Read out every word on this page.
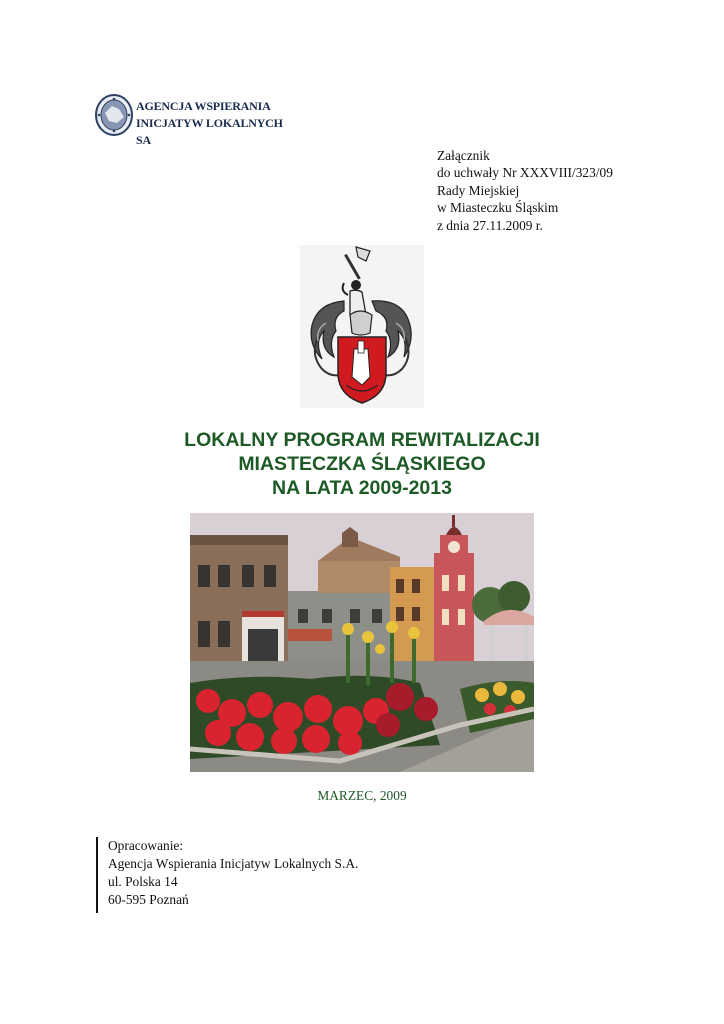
AGENCJA WSPIERANIA
INICJATYW LOKALNYCH SA
Załącznik
do uchwały Nr XXXVIII/323/09
Rady Miejskiej
w Miasteczku Śląskim
z dnia 27.11.2009 r.
LOKALNY PROGRAM REWITALIZACJI
MIASTECZKA ŚLĄSKIEGO
NA LATA 2009-2013
MARZEC, 2009
Opracowanie:
Agencja Wspierania Inicjatyw Lokalnych S.A.
ul. Polska 14
60-595 Poznań
